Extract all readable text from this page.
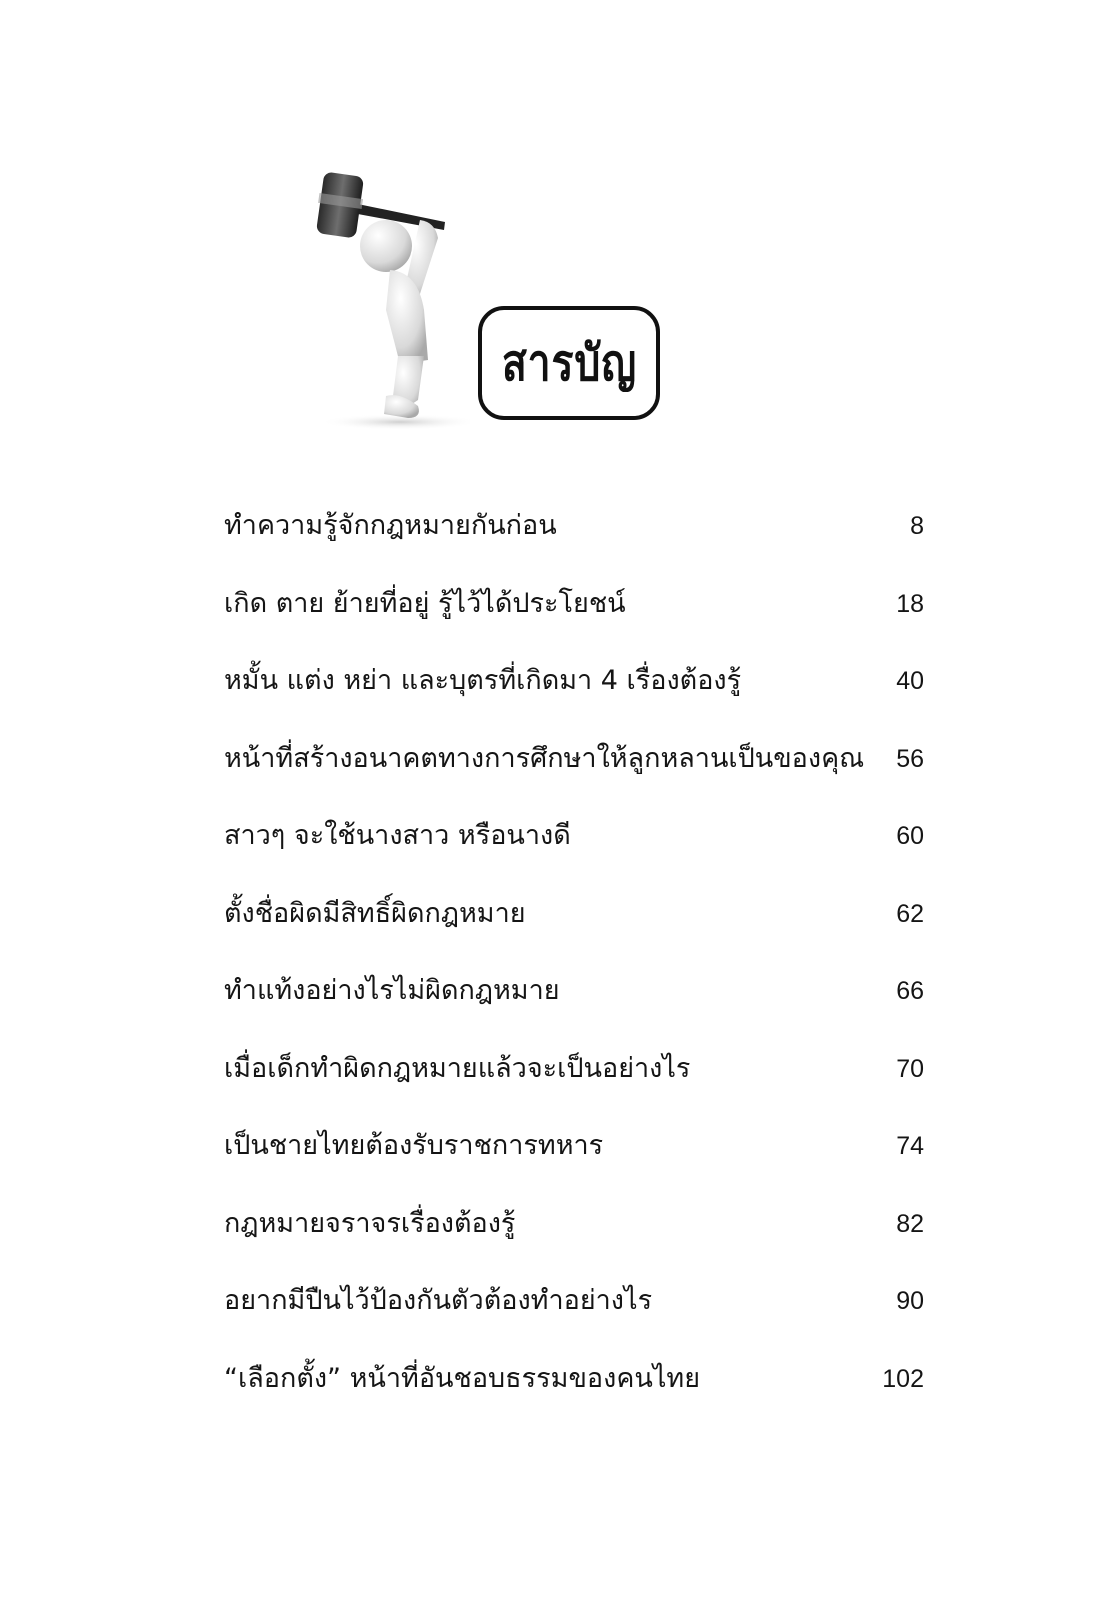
สารบัญ
ทำความรู้จักกฎหมายกันก่อน	8
เกิด ตาย ย้ายที่อยู่ รู้ไว้ได้ประโยชน์	18
หมั้น แต่ง หย่า และบุตรที่เกิดมา 4 เรื่องต้องรู้	40
หน้าที่สร้างอนาคตทางการศึกษาให้ลูกหลานเป็นของคุณ	56
สาวๆ จะใช้นางสาว หรือนางดี	60
ตั้งชื่อผิดมีสิทธิ์ผิดกฎหมาย	62
ทำแท้งอย่างไรไม่ผิดกฎหมาย	66
เมื่อเด็กทำผิดกฎหมายแล้วจะเป็นอย่างไร	70
เป็นชายไทยต้องรับราชการทหาร	74
กฎหมายจราจรเรื่องต้องรู้	82
อยากมีปืนไว้ป้องกันตัวต้องทำอย่างไร	90
“เลือกตั้ง” หน้าที่อันชอบธรรมของคนไทย	102
